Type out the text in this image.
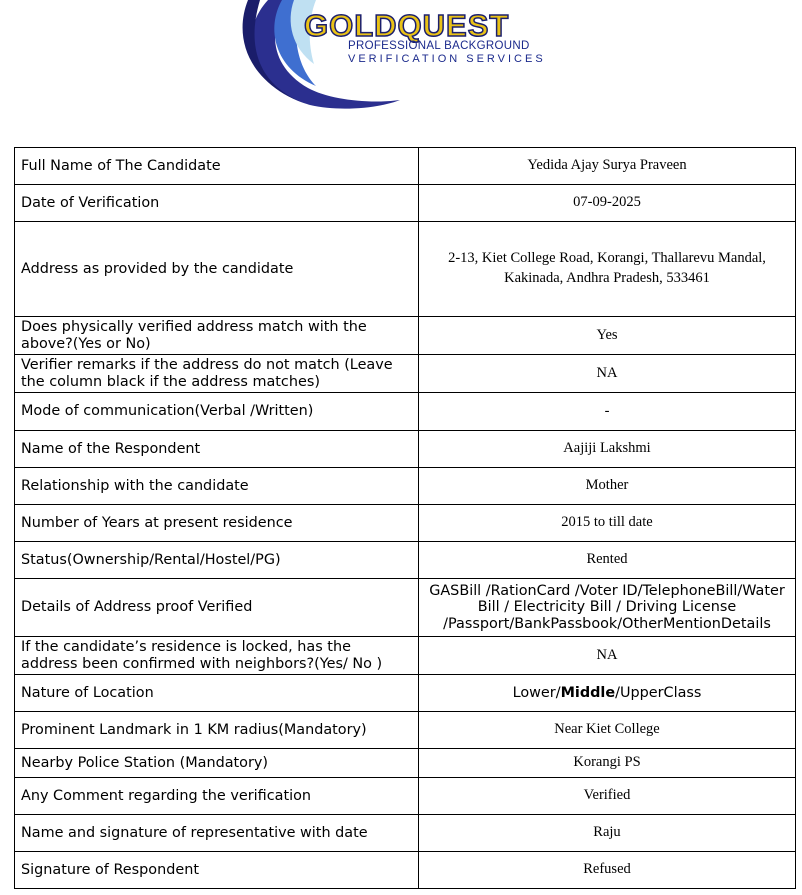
GOLDQUEST
PROFESSIONAL BACKGROUND
VERIFICATION SERVICES
Full Name of The Candidate	Yedida Ajay Surya Praveen
Date of Verification	07-09-2025
Address as provided by the candidate	2-13, Kiet College Road, Korangi, Thallarevu Mandal, Kakinada, Andhra Pradesh, 533461
Does physically verified address match with the above?(Yes or No)	Yes
Verifier remarks if the address do not match (Leave the column black if the address matches)	NA
Mode of communication(Verbal /Written)	-
Name of the Respondent	Aajiji Lakshmi
Relationship with the candidate	Mother
Number of Years at present residence	2015 to till date
Status(Ownership/Rental/Hostel/PG)	Rented
Details of Address proof Verified	GASBill /RationCard /Voter ID/TelephoneBill/Water Bill / Electricity Bill / Driving License /Passport/BankPassbook/OtherMentionDetails
If the candidate’s residence is locked, has the address been confirmed with neighbors?(Yes/ No )	NA
Nature of Location	Lower/Middle/UpperClass
Prominent Landmark in 1 KM radius(Mandatory)	Near Kiet College
Nearby Police Station (Mandatory)	Korangi PS
Any Comment regarding the verification	Verified
Name and signature of representative with date	Raju
Signature of Respondent	Refused
